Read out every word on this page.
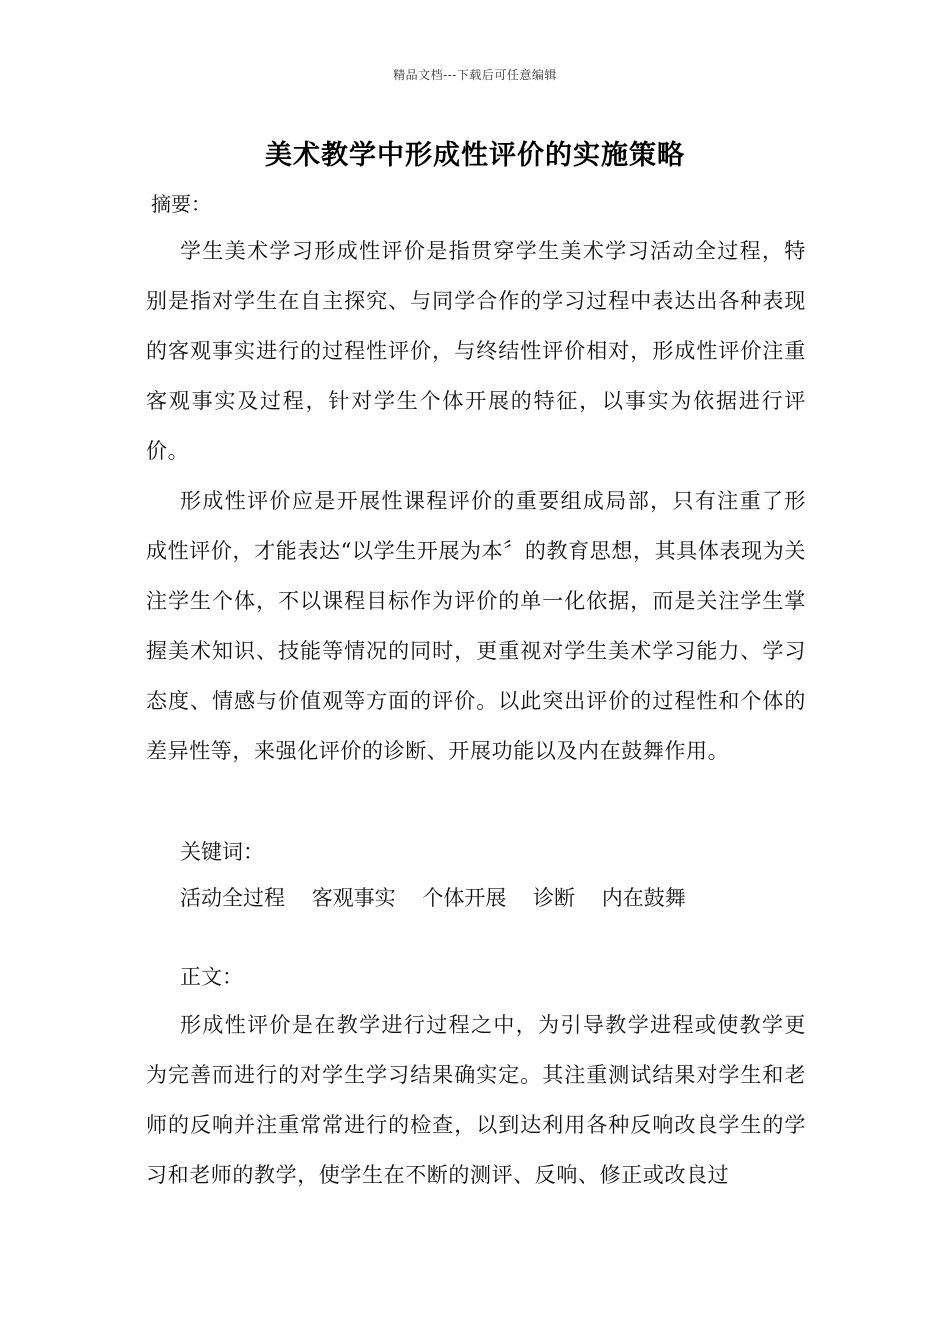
精品文档---下载后可任意编辑
美术教学中形成性评价的实施策略
摘要：

学生美术学习形成性评价是指贯穿学生美术学习活动全过程，特别是指对学生在自主探究、与同学合作的学习过程中表达出各种表现的客观事实进行的过程性评价，与终结性评价相对，形成性评价注重客观事实及过程，针对学生个体开展的特征，以事实为依据进行评价。

形成性评价应是开展性课程评价的重要组成局部，只有注重了形成性评价，才能表达“以学生开展为本〞的教育思想，其具体表现为关注学生个体，不以课程目标作为评价的单一化依据，而是关注学生掌握美术知识、技能等情况的同时，更重视对学生美术学习能力、学习态度、情感与价值观等方面的评价。以此突出评价的过程性和个体的差异性等，来强化评价的诊断、开展功能以及内在鼓舞作用。

关键词：
活动全过程 客观事实 个体开展 诊断 内在鼓舞
正文：

形成性评价是在教学进行过程之中，为引导教学进程或使教学更为完善而进行的对学生学习结果确实定。其注重测试结果对学生和老师的反响并注重常常进行的检查，以到达利用各种反响改良学生的学习和老师的教学，使学生在不断的测评、反响、修正或改良过
